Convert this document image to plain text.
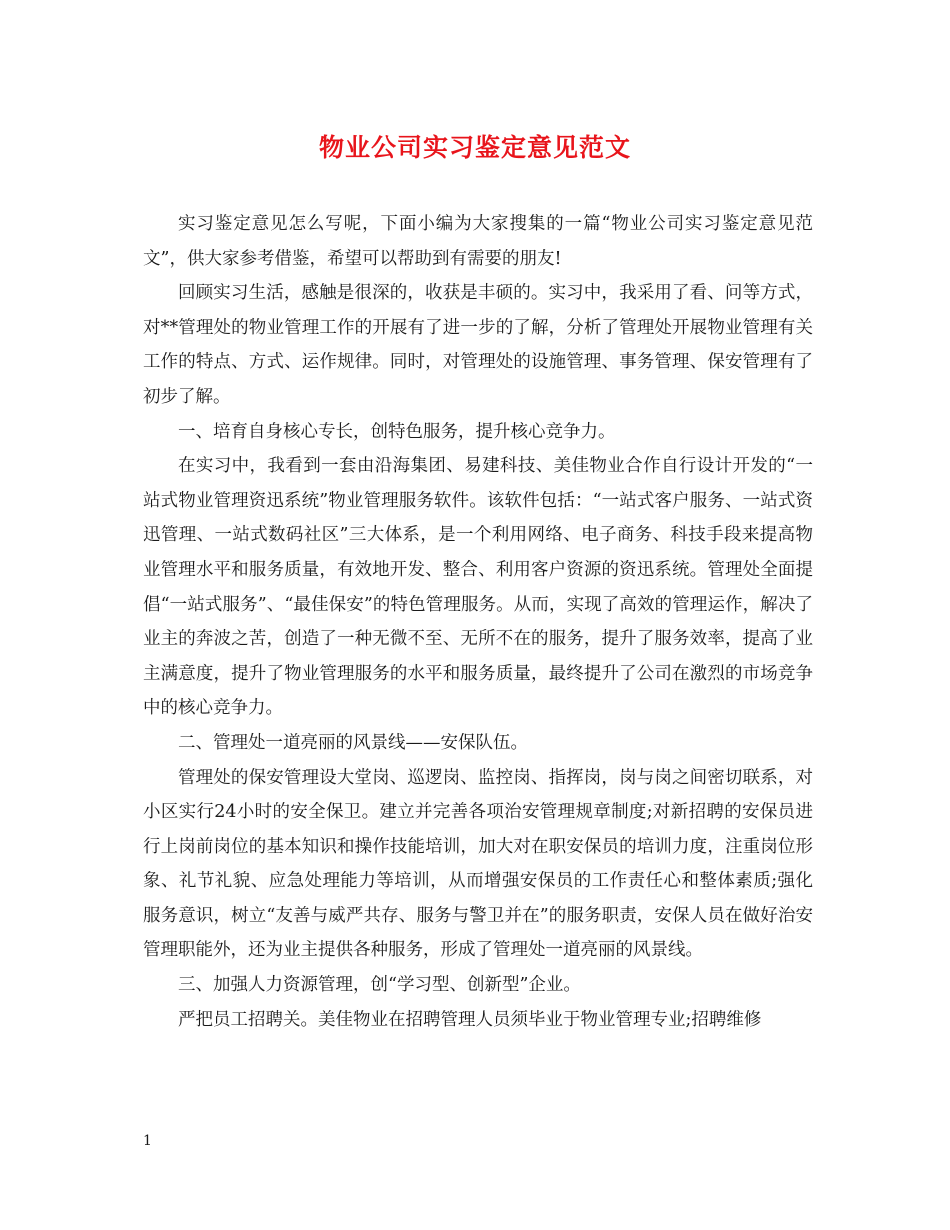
物业公司实习鉴定意见范文

实习鉴定意见怎么写呢，下面小编为大家搜集的一篇“物业公司实习鉴定意见范文”，供大家参考借鉴，希望可以帮助到有需要的朋友!

回顾实习生活，感触是很深的，收获是丰硕的。实习中，我采用了看、问等方式，对**管理处的物业管理工作的开展有了进一步的了解，分析了管理处开展物业管理有关工作的特点、方式、运作规律。同时，对管理处的设施管理、事务管理、保安管理有了初步了解。

一、培育自身核心专长，创特色服务，提升核心竞争力。

在实习中，我看到一套由沿海集团、易建科技、美佳物业合作自行设计开发的“一站式物业管理资迅系统”物业管理服务软件。该软件包括：“一站式客户服务、一站式资迅管理、一站式数码社区”三大体系，是一个利用网络、电子商务、科技手段来提高物业管理水平和服务质量，有效地开发、整合、利用客户资源的资迅系统。管理处全面提倡“一站式服务”、“最佳保安”的特色管理服务。从而，实现了高效的管理运作，解决了业主的奔波之苦，创造了一种无微不至、无所不在的服务，提升了服务效率，提高了业主满意度，提升了物业管理服务的水平和服务质量，最终提升了公司在激烈的市场竞争中的核心竞争力。

二、管理处一道亮丽的风景线——安保队伍。

管理处的保安管理设大堂岗、巡逻岗、监控岗、指挥岗，岗与岗之间密切联系，对小区实行24小时的安全保卫。建立并完善各项治安管理规章制度;对新招聘的安保员进行上岗前岗位的基本知识和操作技能培训，加大对在职安保员的培训力度，注重岗位形象、礼节礼貌、应急处理能力等培训，从而增强安保员的工作责任心和整体素质;强化服务意识，树立“友善与威严共存、服务与警卫并在”的服务职责，安保人员在做好治安管理职能外，还为业主提供各种服务，形成了管理处一道亮丽的风景线。

三、加强人力资源管理，创“学习型、创新型”企业。

严把员工招聘关。美佳物业在招聘管理人员须毕业于物业管理专业;招聘维修

1
